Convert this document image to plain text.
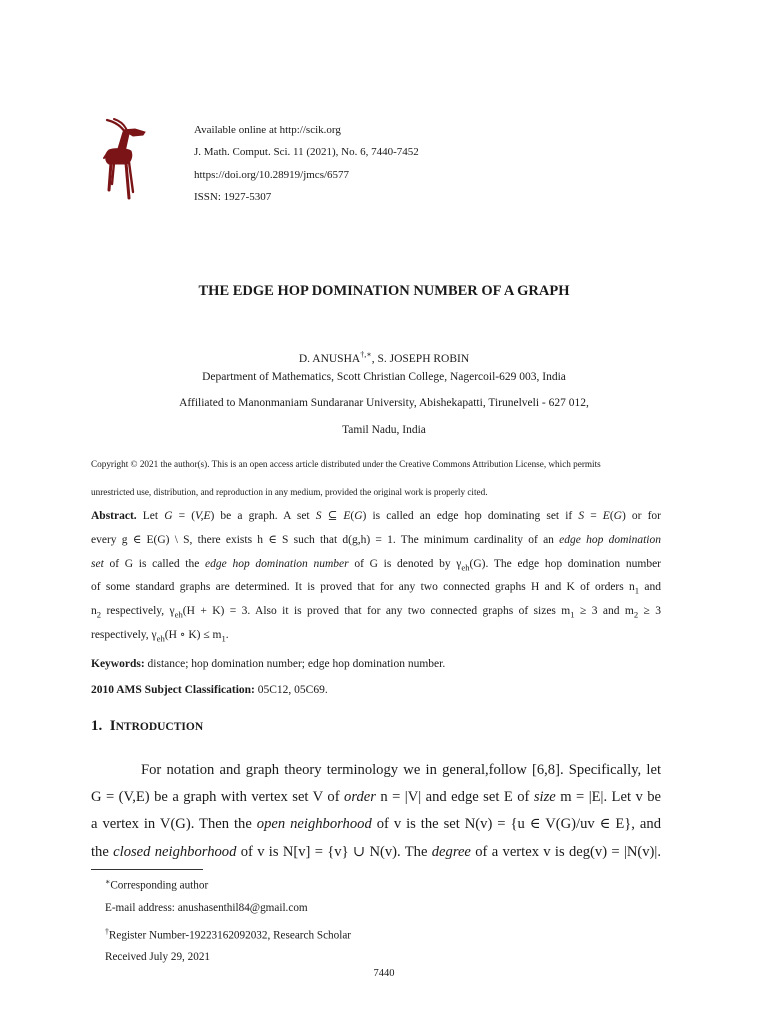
Available online at http://scik.org
J. Math. Comput. Sci. 11 (2021), No. 6, 7440-7452
https://doi.org/10.28919/jmcs/6577
ISSN: 1927-5307
THE EDGE HOP DOMINATION NUMBER OF A GRAPH
D. ANUSHA†,∗, S. JOSEPH ROBIN
Department of Mathematics, Scott Christian College, Nagercoil-629 003, India
Affiliated to Manonmaniam Sundaranar University, Abishekapatti, Tirunelveli - 627 012,
Tamil Nadu, India
Copyright © 2021 the author(s). This is an open access article distributed under the Creative Commons Attribution License, which permits
unrestricted use, distribution, and reproduction in any medium, provided the original work is properly cited.
Abstract. Let G = (V,E) be a graph. A set S ⊆ E(G) is called an edge hop dominating set if S = E(G) or for
every g ∈ E(G) \ S, there exists h ∈ S such that d(g,h) = 1. The minimum cardinality of an edge hop domination
set of G is called the edge hop domination number of G is denoted by $\gamma_{eh}(G)$. The edge hop domination number
of some standard graphs are determined. It is proved that for any two connected graphs H and K of orders $n_1$ and
$n_2$ respectively, $\gamma_{eh}(H + K) = 3$. Also it is proved that for any two connected graphs of sizes $m_1 \ge 3$ and $m_2 \ge 3$
respectively, $\gamma_{eh}(H$ ∘ $K) \le m_1$.
Keywords: distance; hop domination number; edge hop domination number.
2010 AMS Subject Classification: 05C12, 05C69.
1. INTRODUCTION
For notation and graph theory terminology we in general,follow [6,8]. Specifically, let
G = (V,E) be a graph with vertex set V of order n = |V| and edge set E of size m = |E|. Let v be
a vertex in V(G). Then the open neighborhood of v is the set N(v) = {u ∈ V(G)/uv ∈ E}, and
the closed neighborhood of v is N[v] = {v} ∪ N(v). The degree of a vertex v is deg(v) = |N(v)|.
∗Corresponding author
E-mail address: anushasenthil84@gmail.com
†Register Number-19223162092032, Research Scholar
Received July 29, 2021
7440
